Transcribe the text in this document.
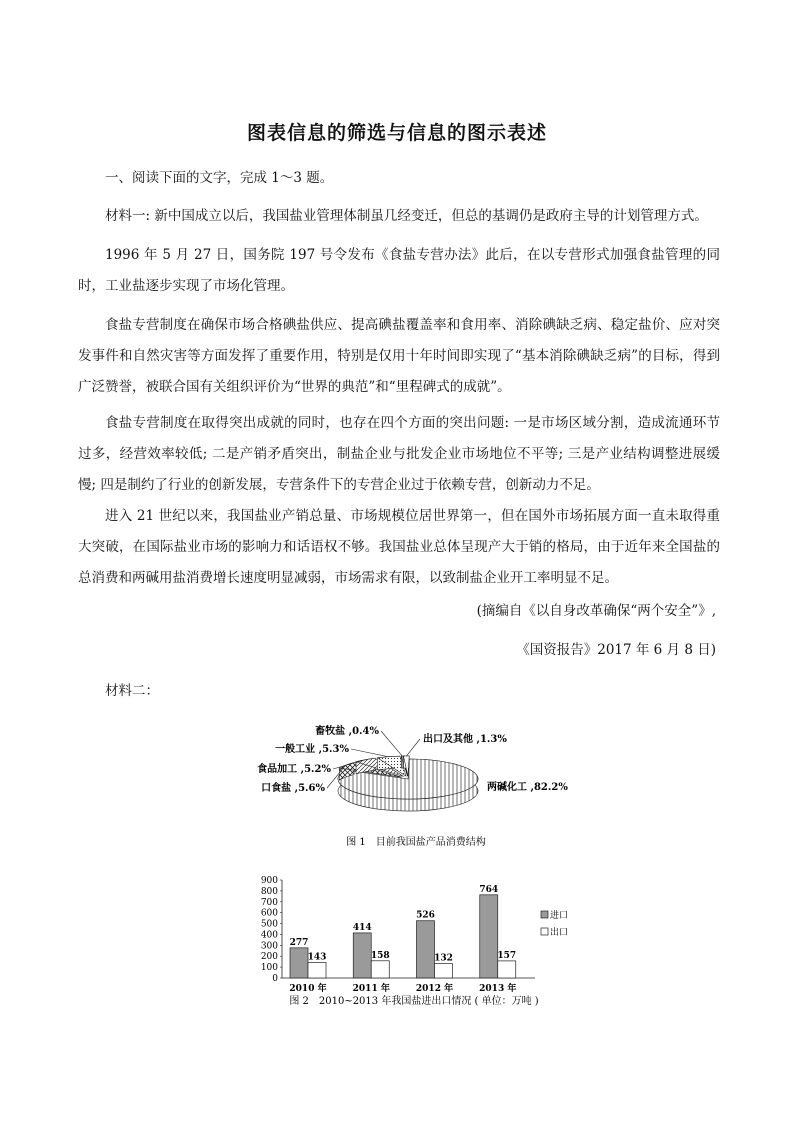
图表信息的筛选与信息的图示表述

一、阅读下面的文字，完成 1～3 题。

材料一: 新中国成立以后，我国盐业管理体制虽几经变迁，但总的基调仍是政府主导的计划管理方式。

1996 年 5 月 27 日，国务院 197 号令发布《食盐专营办法》此后，在以专营形式加强食盐管理的同时，工业盐逐步实现了市场化管理。

食盐专营制度在确保市场合格碘盐供应、提高碘盐覆盖率和食用率、消除碘缺乏病、稳定盐价、应对突发事件和自然灾害等方面发挥了重要作用，特别是仅用十年时间即实现了“基本消除碘缺乏病”的目标，得到广泛赞誉，被联合国有关组织评价为“世界的典范”和“里程碑式的成就”。

食盐专营制度在取得突出成就的同时，也存在四个方面的突出问题: 一是市场区域分割，造成流通环节过多，经营效率较低; 二是产销矛盾突出，制盐企业与批发企业市场地位不平等; 三是产业结构调整进展缓慢; 四是制约了行业的创新发展，专营条件下的专营企业过于依赖专营，创新动力不足。

进入 21 世纪以来，我国盐业产销总量、市场规模位居世界第一，但在国外市场拓展方面一直未取得重大突破，在国际盐业市场的影响力和话语权不够。我国盐业总体呈现产大于销的格局，由于近年来全国盐的总消费和两碱用盐消费增长速度明显减弱，市场需求有限，以致制盐企业开工率明显不足。

(摘编自《以自身改革确保“两个安全”》,
《国资报告》2017 年 6 月 8 日)

材料二：

两碱化工 ,82.2%
口食盐 ,5.6%
食品加工 ,5.2%
一般工业 ,5.3%
畜牧盐 ,0.4%
出口及其他 ,1.3%
图 1　目前我国盐产品消费结构
0
100
200
300
400
500
600
700
800
900
2010 年	2011 年	2012 年	2013 年
277
143
414
158
526
132
764
157
进口
出口
图 2　2010~2013 年我国盐进出口情况 ( 单位：万吨 )
